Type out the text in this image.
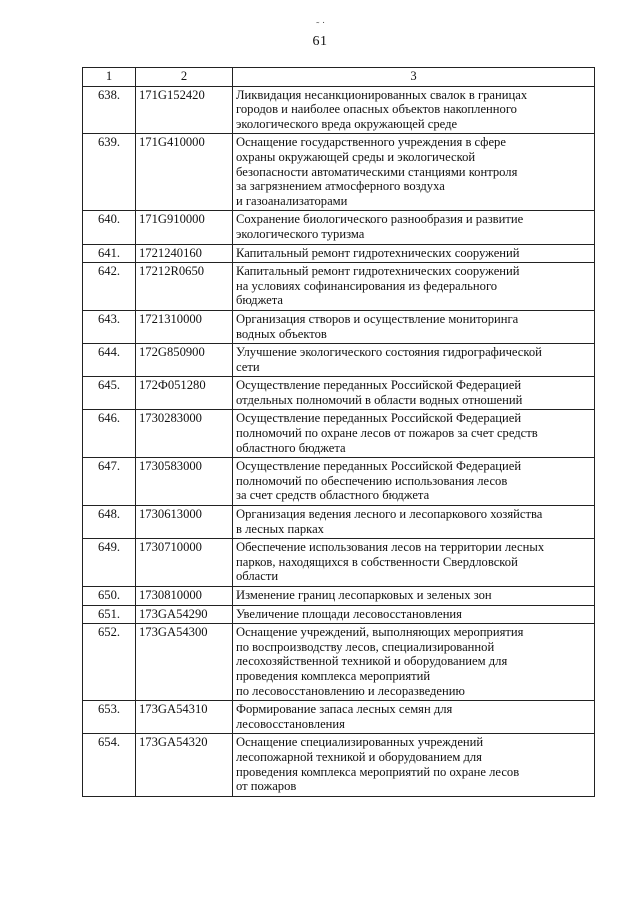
˜ ˙
61
1	2	3
638.	171G152420	Ликвидация несанкционированных свалок в границах
городов и наиболее опасных объектов накопленного
экологического вреда окружающей среде

639.	171G410000	Оснащение государственного учреждения в сфере
охраны окружающей среды и экологической
безопасности автоматическими станциями контроля
за загрязнением атмосферного воздуха
и газоанализаторами

640.	171G910000	Сохранение биологического разнообразия и развитие
экологического туризма

641.	1721240160	Капитальный ремонт гидротехнических сооружений

642.	17212R0650	Капитальный ремонт гидротехнических сооружений
на условиях софинансирования из федерального
бюджета

643.	1721310000	Организация створов и осуществление мониторинга
водных объектов

644.	172G850900	Улучшение экологического состояния гидрографической
сети

645.	172Ф051280	Осуществление переданных Российской Федерацией
отдельных полномочий в области водных отношений

646.	1730283000	Осуществление переданных Российской Федерацией
полномочий по охране лесов от пожаров за счет средств
областного бюджета

647.	1730583000	Осуществление переданных Российской Федерацией
полномочий по обеспечению использования лесов
за счет средств областного бюджета

648.	1730613000	Организация ведения лесного и лесопаркового хозяйства
в лесных парках

649.	1730710000	Обеспечение использования лесов на территории лесных
парков, находящихся в собственности Свердловской
области

650.	1730810000	Изменение границ лесопарковых и зеленых зон

651.	173GA54290	Увеличение площади лесовосстановления

652.	173GA54300	Оснащение учреждений, выполняющих мероприятия
по воспроизводству лесов, специализированной
лесохозяйственной техникой и оборудованием для
проведения комплекса мероприятий
по лесовосстановлению и лесоразведению

653.	173GA54310	Формирование запаса лесных семян для
лесовосстановления

654.	173GA54320	Оснащение специализированных учреждений
лесопожарной техникой и оборудованием для
проведения комплекса мероприятий по охране лесов
от пожаров
